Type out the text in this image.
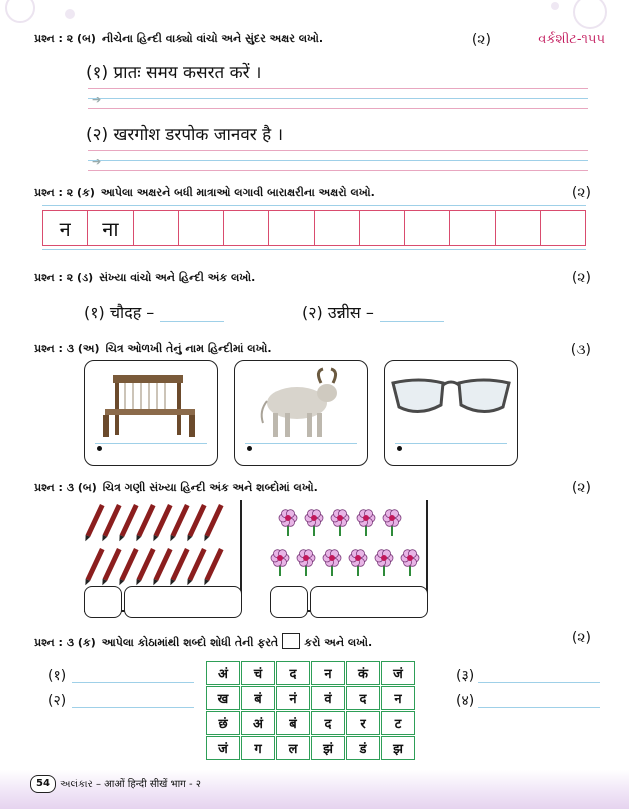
પ્રશ્ન : ૨ (બ) નીચેના હિન્દી વાક્યો વાંચો અને સુંદર અક્ષર લખો.	(૨)	વર્કશીટ-૧૫૫
(१) प्रातः समय कसरत करें ।
➔
(२) खरगोश डरपोक जानवर है ।
➔
પ્રશ્ન : ૨ (ક) આપેલા અક્ષરને બધી માત્રાઓ લગાવી બારાક્ષરીના અક્ષરો લખો.	(૨)
न	ना
પ્રશ્ન : ૨ (ડ) સંખ્યા વાંચો અને હિન્દી અંક લખો.	(૨)
(१) चौदह –	(२) उन्नीस –
પ્રશ્ન : ૩ (અ) ચિત્ર ઓળખી તેનું નામ હિન્દીમાં લખો.	(૩)
પ્રશ્ન : ૩ (બ) ચિત્ર ગણી સંખ્યા હિન્દી અંક અને શબ્દોમાં લખો.	(૨)
પ્રશ્ન : ૩ (ક) આપેલા કોઠામાંથી શબ્દો શોધી તેની ફરતે કરો અને લખો.	(૨)
(१)
(२)
(३)
(४)
अं	चं	द	न	कं	जं
ख	बं	नं	वं	द	न
छं	अं	बं	द	र	ट
जं	ग	ल	झं	डं	झ
54	અલંકાર – आओं हिन्दी सीखें भाग - २
